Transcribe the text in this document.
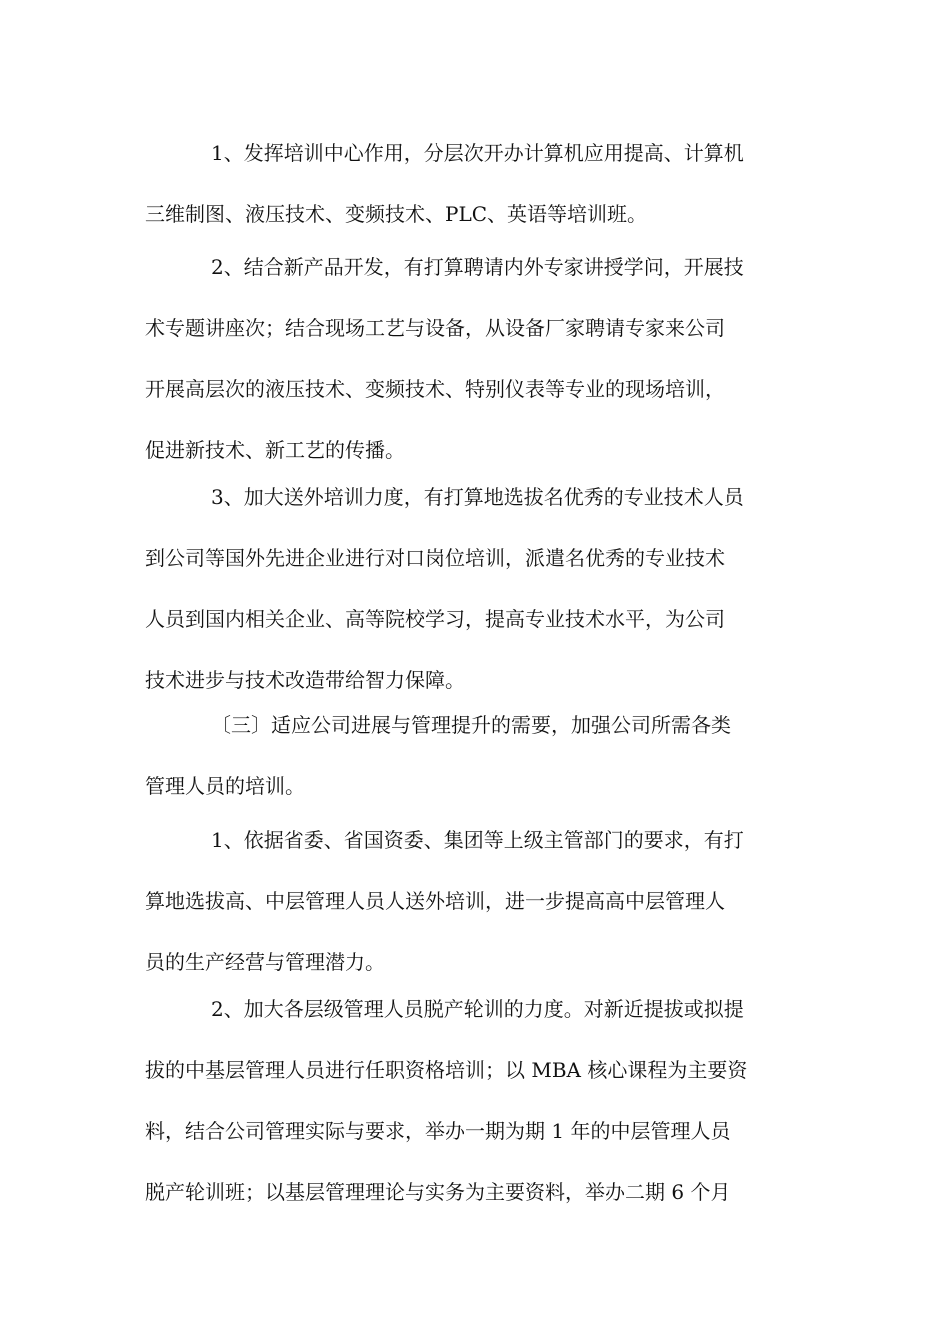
1、发挥培训中心作用，分层次开办计算机应用提高、计算机
三维制图、液压技术、变频技术、PLC、英语等培训班。
2、结合新产品开发，有打算聘请内外专家讲授学问，开展技
术专题讲座次；结合现场工艺与设备，从设备厂家聘请专家来公司
开展高层次的液压技术、变频技术、特别仪表等专业的现场培训，
促进新技术、新工艺的传播。
3、加大送外培训力度，有打算地选拔名优秀的专业技术人员
到公司等国外先进企业进行对口岗位培训，派遣名优秀的专业技术
人员到国内相关企业、高等院校学习，提高专业技术水平，为公司
技术进步与技术改造带给智力保障。
〔三〕适应公司进展与管理提升的需要，加强公司所需各类
管理人员的培训。
1、依据省委、省国资委、集团等上级主管部门的要求，有打
算地选拔高、中层管理人员人送外培训，进一步提高高中层管理人
员的生产经营与管理潜力。
2、加大各层级管理人员脱产轮训的力度。对新近提拔或拟提
拔的中基层管理人员进行任职资格培训；以 MBA 核心课程为主要资
料，结合公司管理实际与要求，举办一期为期 1 年的中层管理人员
脱产轮训班；以基层管理理论与实务为主要资料，举办二期 6 个月
